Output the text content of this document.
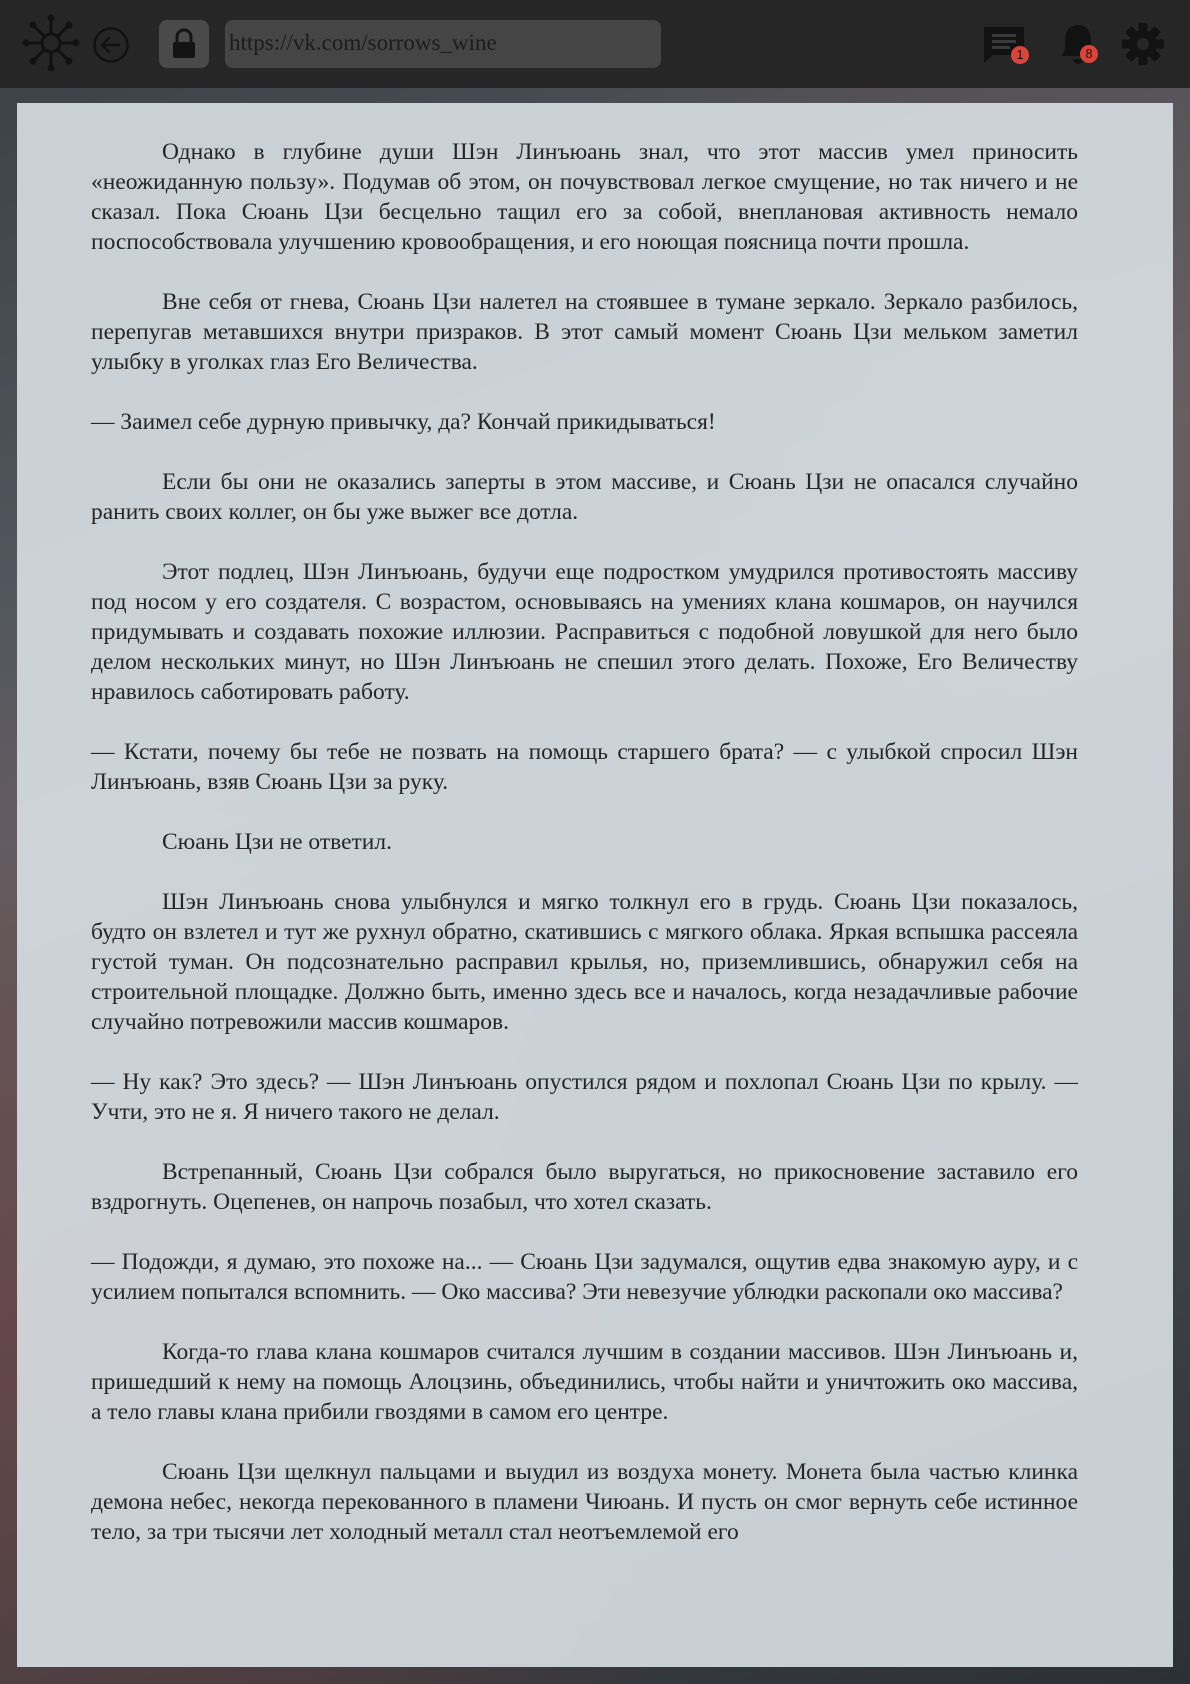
https://vk.com/sorrows_wine	1	8

Однако в глубине души Шэн Линъюань знал, что этот массив умел приносить «неожиданную пользу». Подумав об этом, он почувствовал легкое смущение, но так ничего и не сказал. Пока Сюань Цзи бесцельно тащил его за собой, внеплановая активность немало поспособствовала улучшению кровообращения, и его ноющая поясница почти прошла.

Вне себя от гнева, Сюань Цзи налетел на стоявшее в тумане зеркало. Зеркало разбилось, перепугав метавшихся внутри призраков. В этот самый момент Сюань Цзи мельком заметил улыбку в уголках глаз Его Величества.

— Заимел себе дурную привычку, да? Кончай прикидываться!

Если бы они не оказались заперты в этом массиве, и Сюань Цзи не опасался случайно ранить своих коллег, он бы уже выжег все дотла.

Этот подлец, Шэн Линъюань, будучи еще подростком умудрился противостоять массиву под носом у его создателя. С возрастом, основываясь на умениях клана кошмаров, он научился придумывать и создавать похожие иллюзии. Расправиться с подобной ловушкой для него было делом нескольких минут, но Шэн Линъюань не спешил этого делать. Похоже, Его Величеству нравилось саботировать работу.

— Кстати, почему бы тебе не позвать на помощь старшего брата? — с улыбкой спросил Шэн Линъюань, взяв Сюань Цзи за руку.

Сюань Цзи не ответил.

Шэн Линъюань снова улыбнулся и мягко толкнул его в грудь. Сюань Цзи показалось, будто он взлетел и тут же рухнул обратно, скатившись с мягкого облака. Яркая вспышка рассеяла густой туман. Он подсознательно расправил крылья, но, приземлившись, обнаружил себя на строительной площадке. Должно быть, именно здесь все и началось, когда незадачливые рабочие случайно потревожили массив кошмаров.

— Ну как? Это здесь? — Шэн Линъюань опустился рядом и похлопал Сюань Цзи по крылу. — Учти, это не я. Я ничего такого не делал.

Встрепанный, Сюань Цзи собрался было выругаться, но прикосновение заставило его вздрогнуть. Оцепенев, он напрочь позабыл, что хотел сказать.

— Подожди, я думаю, это похоже на... — Сюань Цзи задумался, ощутив едва знакомую ауру, и с усилием попытался вспомнить. — Око массива? Эти невезучие ублюдки раскопали око массива?

Когда-то глава клана кошмаров считался лучшим в создании массивов. Шэн Линъюань и, пришедший к нему на помощь Алоцзинь, объединились, чтобы найти и уничтожить око массива, а тело главы клана прибили гвоздями в самом его центре.

Сюань Цзи щелкнул пальцами и выудил из воздуха монету. Монета была частью клинка демона небес, некогда перекованного в пламени Чиюань. И пусть он смог вернуть себе истинное тело, за три тысячи лет холодный металл стал неотъемлемой его
